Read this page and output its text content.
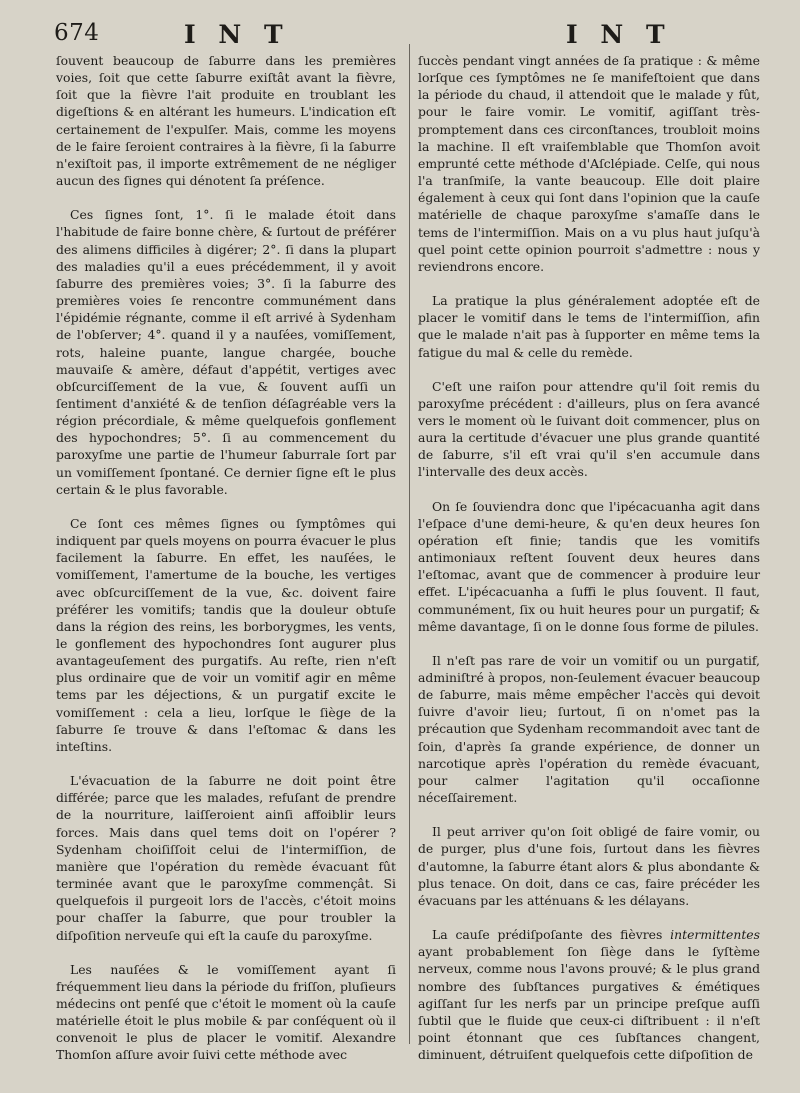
674	I N T	I N T

ſouvent beaucoup de ſaburre dans les premières voies, ſoit que cette ſaburre exiſtât avant la fièvre, ſoit que la fièvre l'ait produite en troublant les digeſtions & en altérant les humeurs. L'indication eſt certainement de l'expulſer. Mais, comme les moyens de le faire ſeroient contraires à la fièvre, ſi la ſaburre n'exiſtoit pas, il importe extrêmement de ne négliger aucun des ſignes qui dénotent ſa préſence.

Ces ſignes ſont, 1°. ſi le malade étoit dans l'habitude de faire bonne chère, & ſurtout de préférer des alimens difficiles à digérer; 2°. ſi dans la plupart des maladies qu'il a eues précédemment, il y avoit ſaburre des premières voies; 3°. ſi la ſaburre des premières voies ſe rencontre communément dans l'épidémie régnante, comme il eſt arrivé à Sydenham de l'obſerver; 4°. quand il y a nauſées, vomiſſement, rots, haleine puante, langue chargée, bouche mauvaiſe & amère, défaut d'appétit, vertiges avec obſcurciſſement de la vue, & ſouvent auſſi un ſentiment d'anxiété & de tenſion déſagréable vers la région précordiale, & même quelquefois gonflement des hypochondres; 5°. ſi au commencement du paroxyſme une partie de l'humeur ſaburrale ſort par un vomiſſement ſpontané. Ce dernier ſigne eſt le plus certain & le plus favorable.

Ce ſont ces mêmes ſignes ou ſymptômes qui indiquent par quels moyens on pourra évacuer le plus facilement la ſaburre. En effet, les nauſées, le vomiſſement, l'amertume de la bouche, les vertiges avec obſcurciſſement de la vue, &c. doivent faire préférer les vomitifs; tandis que la douleur obtuſe dans la région des reins, les borborygmes, les vents, le gonflement des hypochondres ſont augurer plus avantageuſement des purgatifs. Au reſte, rien n'eſt plus ordinaire que de voir un vomitif agir en même tems par les déjections, & un purgatif excite le vomiſſement : cela a lieu, lorſque le ſiège de la ſaburre ſe trouve & dans l'eſtomac & dans les inteſtins.

L'évacuation de la ſaburre ne doit point être différée; parce que les malades, refuſant de prendre de la nourriture, laiſſeroient ainſi affoiblir leurs forces. Mais dans quel tems doit on l'opérer ? Sydenham choiſiſſoit celui de l'intermiſſion, de manière que l'opération du remède évacuant fût terminée avant que le paroxyſme commençât. Si quelquefois il purgeoit lors de l'accès, c'étoit moins pour chaſſer la ſaburre, que pour troubler la diſpoſition nerveuſe qui eſt la cauſe du paroxyſme.

Les nauſées & le vomiſſement ayant ſi fréquemment lieu dans la période du friſſon, pluſieurs médecins ont penſé que c'étoit le moment où la cauſe matérielle étoit le plus mobile & par conſéquent où il convenoit le plus de placer le vomitif. Alexandre Thomſon aſſure avoir ſuivi cette méthode avec

ſuccès pendant vingt années de ſa pratique : & même lorſque ces ſymptômes ne ſe manifeſtoient que dans la période du chaud, il attendoit que le malade y fût, pour le faire vomir. Le vomitif, agiſſant très-promptement dans ces circonſtances, troubloit moins la machine. Il eſt vraiſemblable que Thomſon avoit emprunté cette méthode d'Aſclépiade. Celſe, qui nous l'a tranſmiſe, la vante beaucoup. Elle doit plaire également à ceux qui ſont dans l'opinion que la cauſe matérielle de chaque paroxyſme s'amaſſe dans le tems de l'intermiſſion. Mais on a vu plus haut juſqu'à quel point cette opinion pourroit s'admettre : nous y reviendrons encore.

La pratique la plus généralement adoptée eſt de placer le vomitif dans le tems de l'intermiſſion, afin que le malade n'ait pas à ſupporter en même tems la fatigue du mal & celle du remède.

C'eſt une raiſon pour attendre qu'il ſoit remis du paroxyſme précédent : d'ailleurs, plus on ſera avancé vers le moment où le ſuivant doit commencer, plus on aura la certitude d'évacuer une plus grande quantité de ſaburre, s'il eſt vrai qu'il s'en accumule dans l'intervalle des deux accès.

On ſe ſouviendra donc que l'ipécacuanha agit dans l'eſpace d'une demi-heure, & qu'en deux heures ſon opération eſt finie; tandis que les vomitifs antimoniaux reſtent ſouvent deux heures dans l'eſtomac, avant que de commencer à produire leur effet. L'ipécacuanha a ſuffi le plus ſouvent. Il faut, communément, ſix ou huit heures pour un purgatif; & même davantage, ſi on le donne ſous forme de pilules.

Il n'eſt pas rare de voir un vomitif ou un purgatif, adminiſtré à propos, non-ſeulement évacuer beaucoup de ſaburre, mais même empêcher l'accès qui devoit ſuivre d'avoir lieu; ſurtout, ſi on n'omet pas la précaution que Sydenham recommandoit avec tant de ſoin, d'après ſa grande expérience, de donner un narcotique après l'opération du remède évacuant, pour calmer l'agitation qu'il occaſionne néceſſairement.

Il peut arriver qu'on ſoit obligé de faire vomir, ou de purger, plus d'une fois, ſurtout dans les fièvres d'automne, la ſaburre étant alors & plus abondante & plus tenace. On doit, dans ce cas, faire précéder les évacuans par les atténuans & les délayans.

La cauſe prédiſpoſante des fièvres intermittentes ayant probablement ſon ſiège dans le ſyſtème nerveux, comme nous l'avons prouvé; & le plus grand nombre des ſubſtances purgatives & émétiques agiſſant ſur les nerfs par un principe preſque auſſi ſubtil que le fluide que ceux-ci diſtribuent : il n'eſt point étonnant que ces ſubſtances changent, diminuent, détruiſent quelquefois cette diſpoſition de
